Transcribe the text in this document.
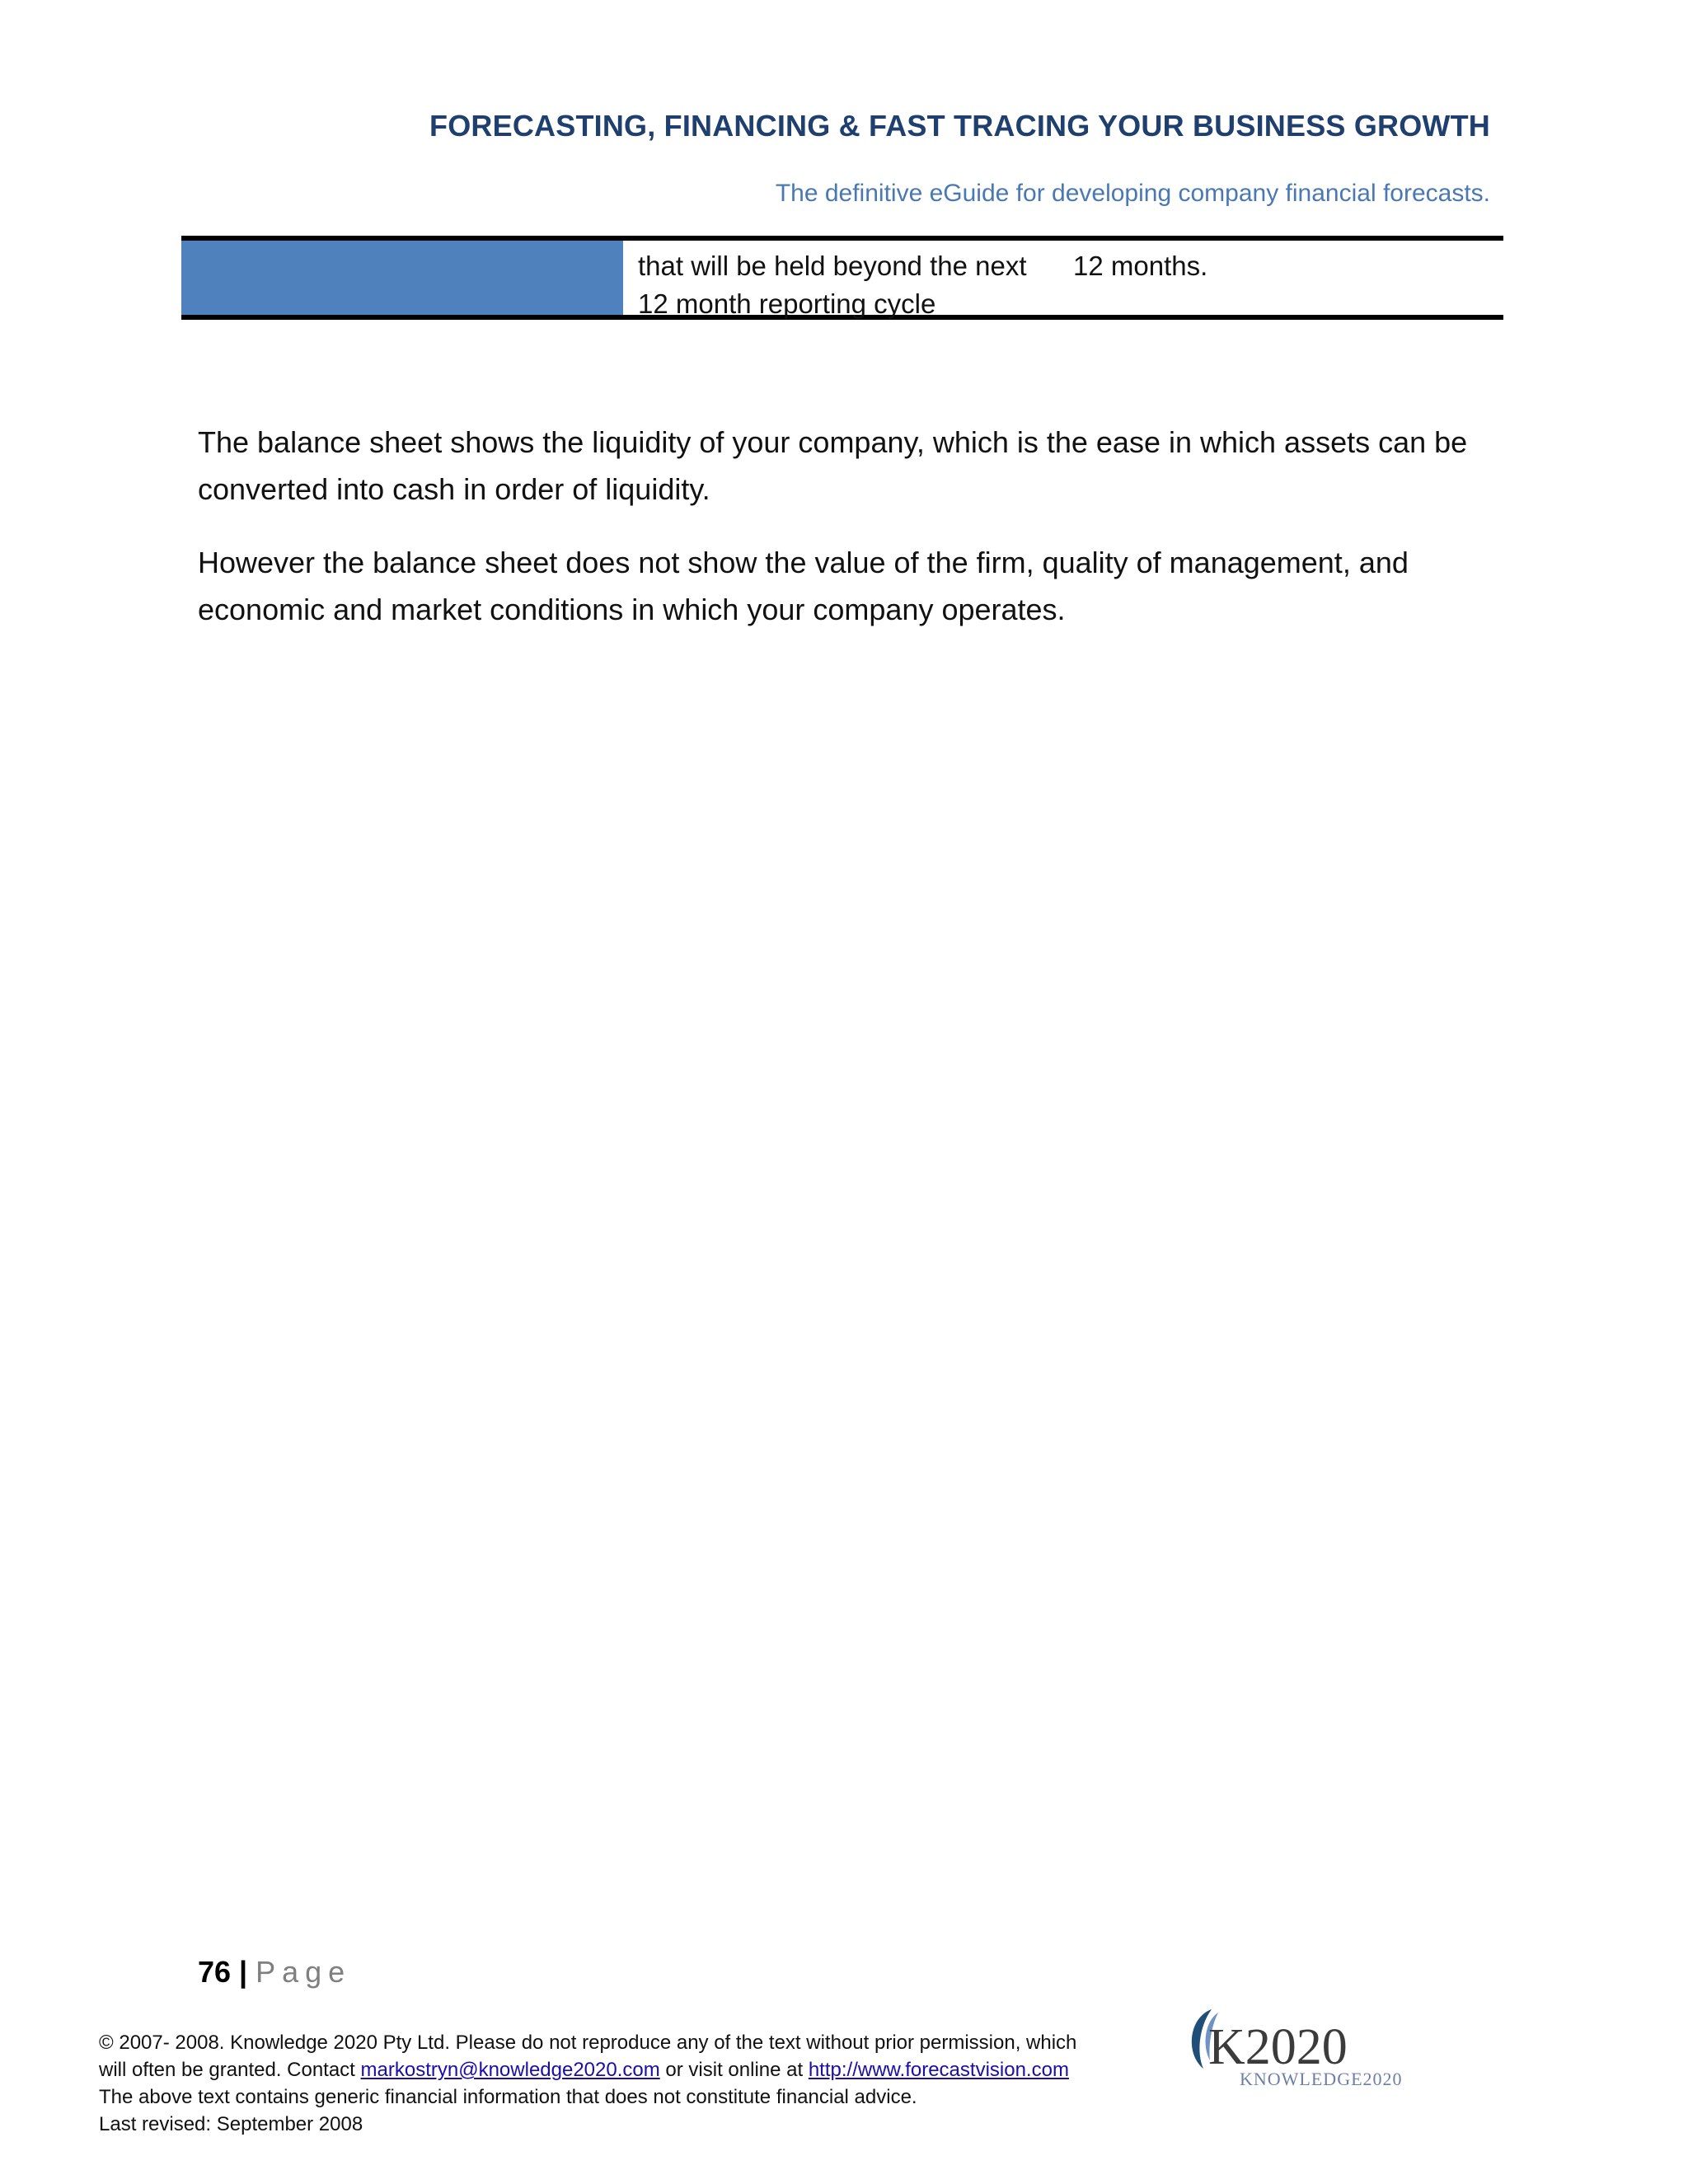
FORECASTING, FINANCING & FAST TRACING YOUR BUSINESS GROWTH
The definitive eGuide for developing company financial forecasts.
that will be held beyond the next
12 month reporting cycle
12 months.

The balance sheet shows the liquidity of your company, which is the ease in which assets can be converted into cash in order of liquidity.

However the balance sheet does not show the value of the firm, quality of management, and economic and market conditions in which your company operates.

76 | Page
© 2007- 2008. Knowledge 2020 Pty Ltd. Please do not reproduce any of the text without prior permission, which
will often be granted. Contact markostryn@knowledge2020.com or visit online at http://www.forecastvision.com
The above text contains generic financial information that does not constitute financial advice.
Last revised: September 2008
K2020
KNOWLEDGE2020
